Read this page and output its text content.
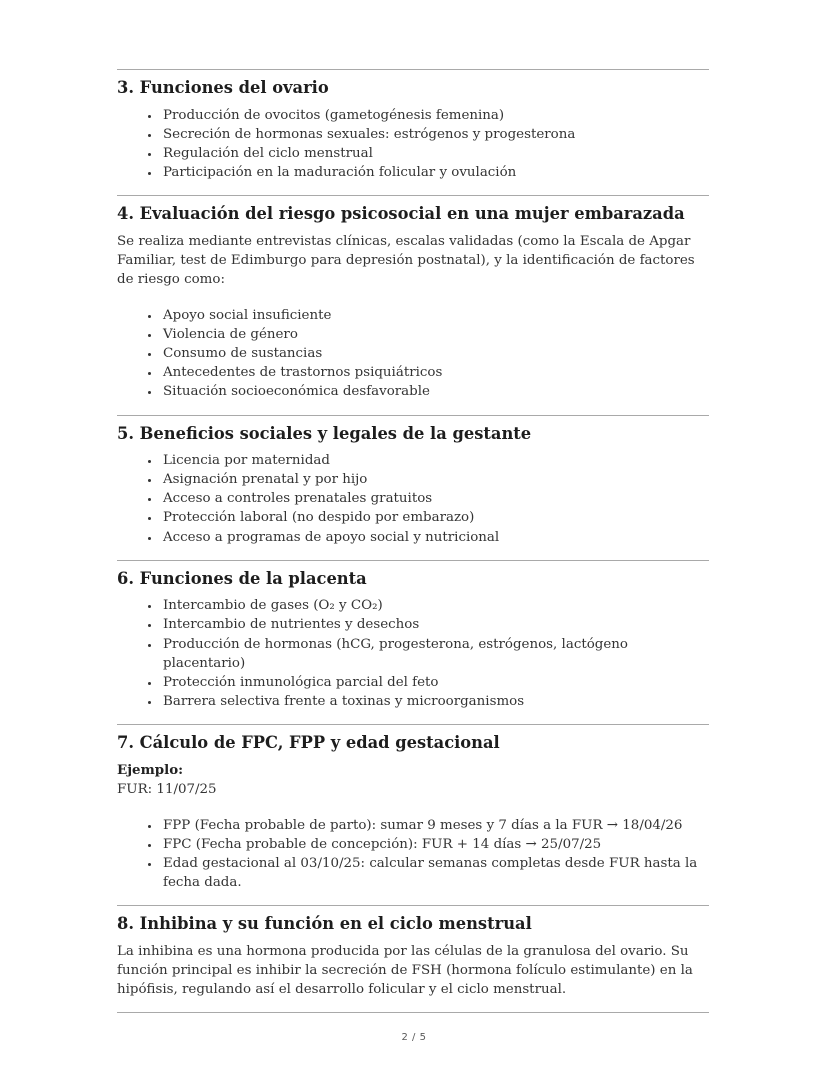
3. Funciones del ovario
• Producción de ovocitos (gametogénesis femenina)
• Secreción de hormonas sexuales: estrógenos y progesterona
• Regulación del ciclo menstrual
• Participación en la maduración folicular y ovulación
4. Evaluación del riesgo psicosocial en una mujer embarazada

Se realiza mediante entrevistas clínicas, escalas validadas (como la Escala de Apgar Familiar, test de Edimburgo para depresión postnatal), y la identificación de factores de riesgo como:

• Apoyo social insuficiente
• Violencia de género
• Consumo de sustancias
• Antecedentes de trastornos psiquiátricos
• Situación socioeconómica desfavorable
5. Beneficios sociales y legales de la gestante
• Licencia por maternidad
• Asignación prenatal y por hijo
• Acceso a controles prenatales gratuitos
• Protección laboral (no despido por embarazo)
• Acceso a programas de apoyo social y nutricional
6. Funciones de la placenta
• Intercambio de gases (O₂ y CO₂)
• Intercambio de nutrientes y desechos
• Producción de hormonas (hCG, progesterona, estrógenos, lactógeno placentario)
• Protección inmunológica parcial del feto
• Barrera selectiva frente a toxinas y microorganismos
7. Cálculo de FPC, FPP y edad gestacional

Ejemplo:

FUR: 11/07/25

• FPP (Fecha probable de parto): sumar 9 meses y 7 días a la FUR → 18/04/26
• FPC (Fecha probable de concepción): FUR + 14 días → 25/07/25
• Edad gestacional al 03/10/25: calcular semanas completas desde FUR hasta la fecha dada.
8. Inhibina y su función en el ciclo menstrual

La inhibina es una hormona producida por las células de la granulosa del ovario. Su función principal es inhibir la secreción de FSH (hormona folículo estimulante) en la hipófisis, regulando así el desarrollo folicular y el ciclo menstrual.

2 / 5
